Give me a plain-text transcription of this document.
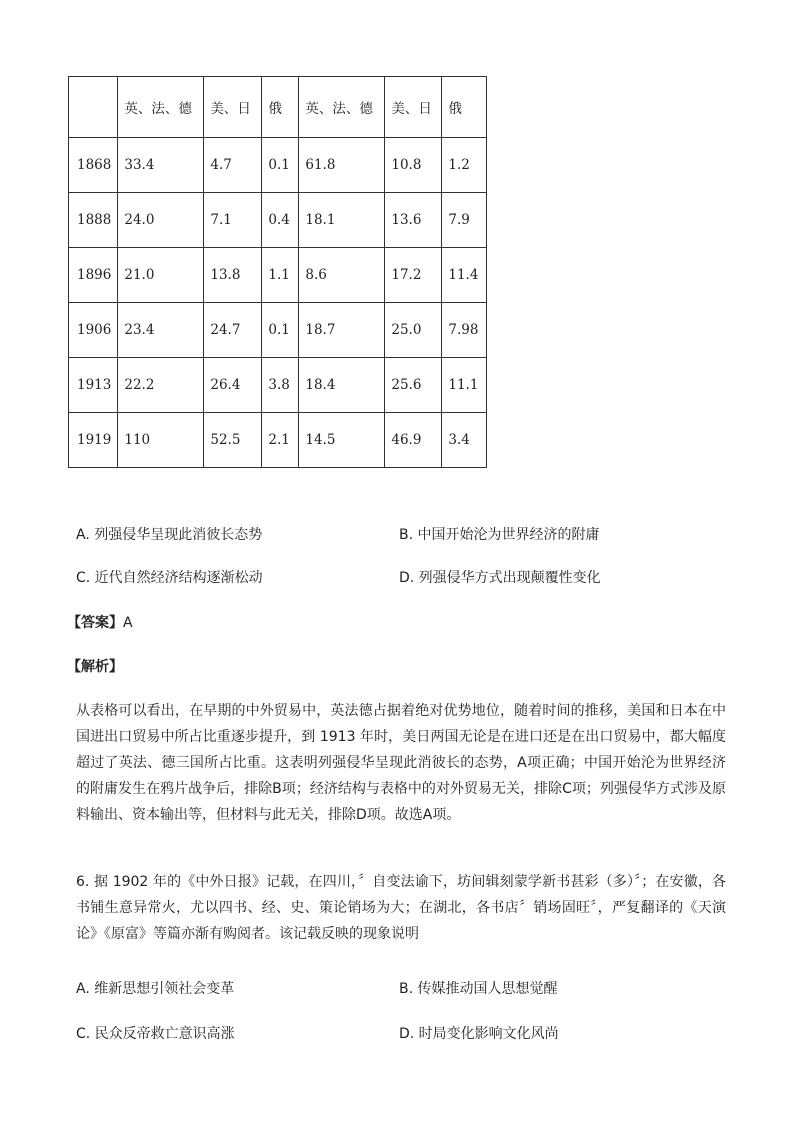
	英、法、德	美、日	俄	英、法、德	美、日	俄
1868	33.4	4.7	0.1	61.8	10.8	1.2
1888	24.0	7.1	0.4	18.1	13.6	7.9
1896	21.0	13.8	1.1	8.6	17.2	11.4
1906	23.4	24.7	0.1	18.7	25.0	7.98
1913	22.2	26.4	3.8	18.4	25.6	11.1
1919	110	52.5	2.1	14.5	46.9	3.4
A. 列强侵华呈现此消彼长态势	B. 中国开始沦为世界经济的附庸
C. 近代自然经济结构逐渐松动	D. 列强侵华方式出现颠覆性变化
【答案】A
【解析】
从表格可以看出，在早期的中外贸易中，英法德占据着绝对优势地位，随着时间的推移，美国和日本在中国进出口贸易中所占比重逐步提升，到 1913 年时，美日两国无论是在进口还是在出口贸易中，都大幅度超过了英法、德三国所占比重。这表明列强侵华呈现此消彼长的态势，A项正确；中国开始沦为世界经济的附庸发生在鸦片战争后，排除B项；经济结构与表格中的对外贸易无关，排除C项；列强侵华方式涉及原料输出、资本输出等，但材料与此无关，排除D项。故选A项。
6. 据 1902 年的《中外日报》记载，在四川，〞自变法谕下，坊间辑刻蒙学新书甚彩（多）〞；在安徽，各书铺生意异常火，尤以四书、经、史、策论销场为大；在湖北，各书店〞销场固旺〞，严复翻译的《天演论》《原富》等篇亦渐有购阅者。该记载反映的现象说明
A. 维新思想引领社会变革	B. 传媒推动国人思想觉醒
C. 民众反帝救亡意识高涨	D. 时局变化影响文化风尚
